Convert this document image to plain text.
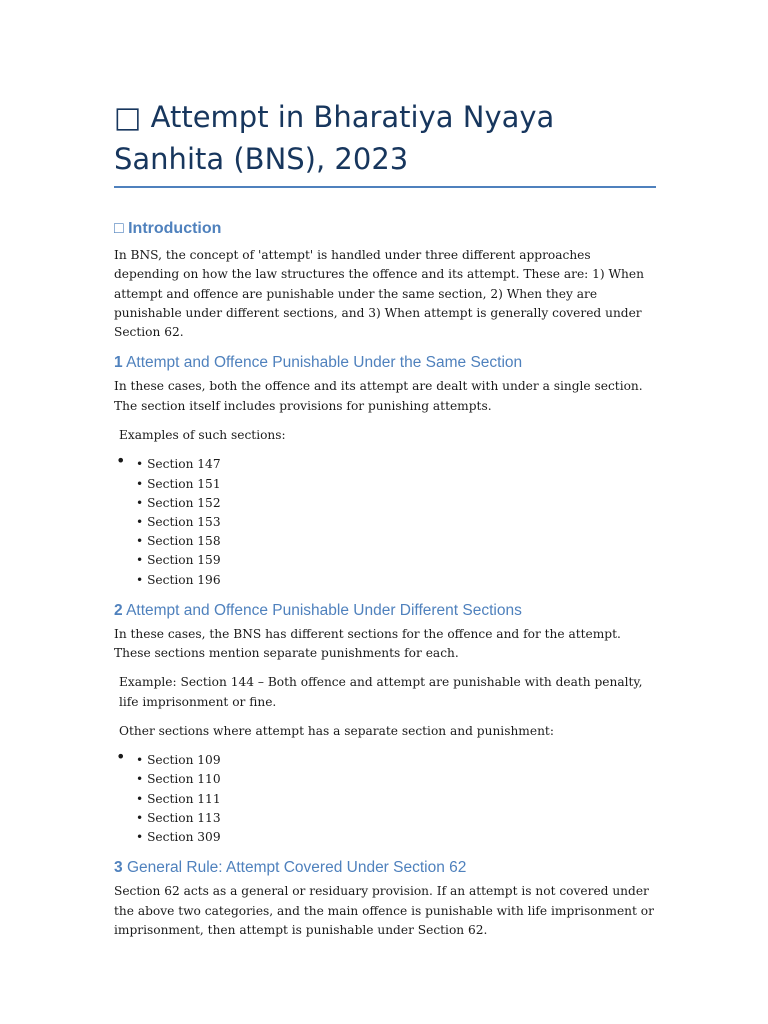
□ Attempt in Bharatiya Nyaya Sanhita (BNS), 2023
□ Introduction

In BNS, the concept of 'attempt' is handled under three different approaches depending on how the law structures the offence and its attempt. These are: 1) When attempt and offence are punishable under the same section, 2) When they are punishable under different sections, and 3) When attempt is generally covered under Section 62.

1 Attempt and Offence Punishable Under the Same Section

In these cases, both the offence and its attempt are dealt with under a single section. The section itself includes provisions for punishing attempts.

Examples of such sections:

• • Section 147
• Section 151
• Section 152
• Section 153
• Section 158
• Section 159
• Section 196
2 Attempt and Offence Punishable Under Different Sections

In these cases, the BNS has different sections for the offence and for the attempt. These sections mention separate punishments for each.

Example: Section 144 – Both offence and attempt are punishable with death penalty, life imprisonment or fine.

Other sections where attempt has a separate section and punishment:

• • Section 109
• Section 110
• Section 111
• Section 113
• Section 309
3 General Rule: Attempt Covered Under Section 62

Section 62 acts as a general or residuary provision. If an attempt is not covered under the above two categories, and the main offence is punishable with life imprisonment or imprisonment, then attempt is punishable under Section 62.
